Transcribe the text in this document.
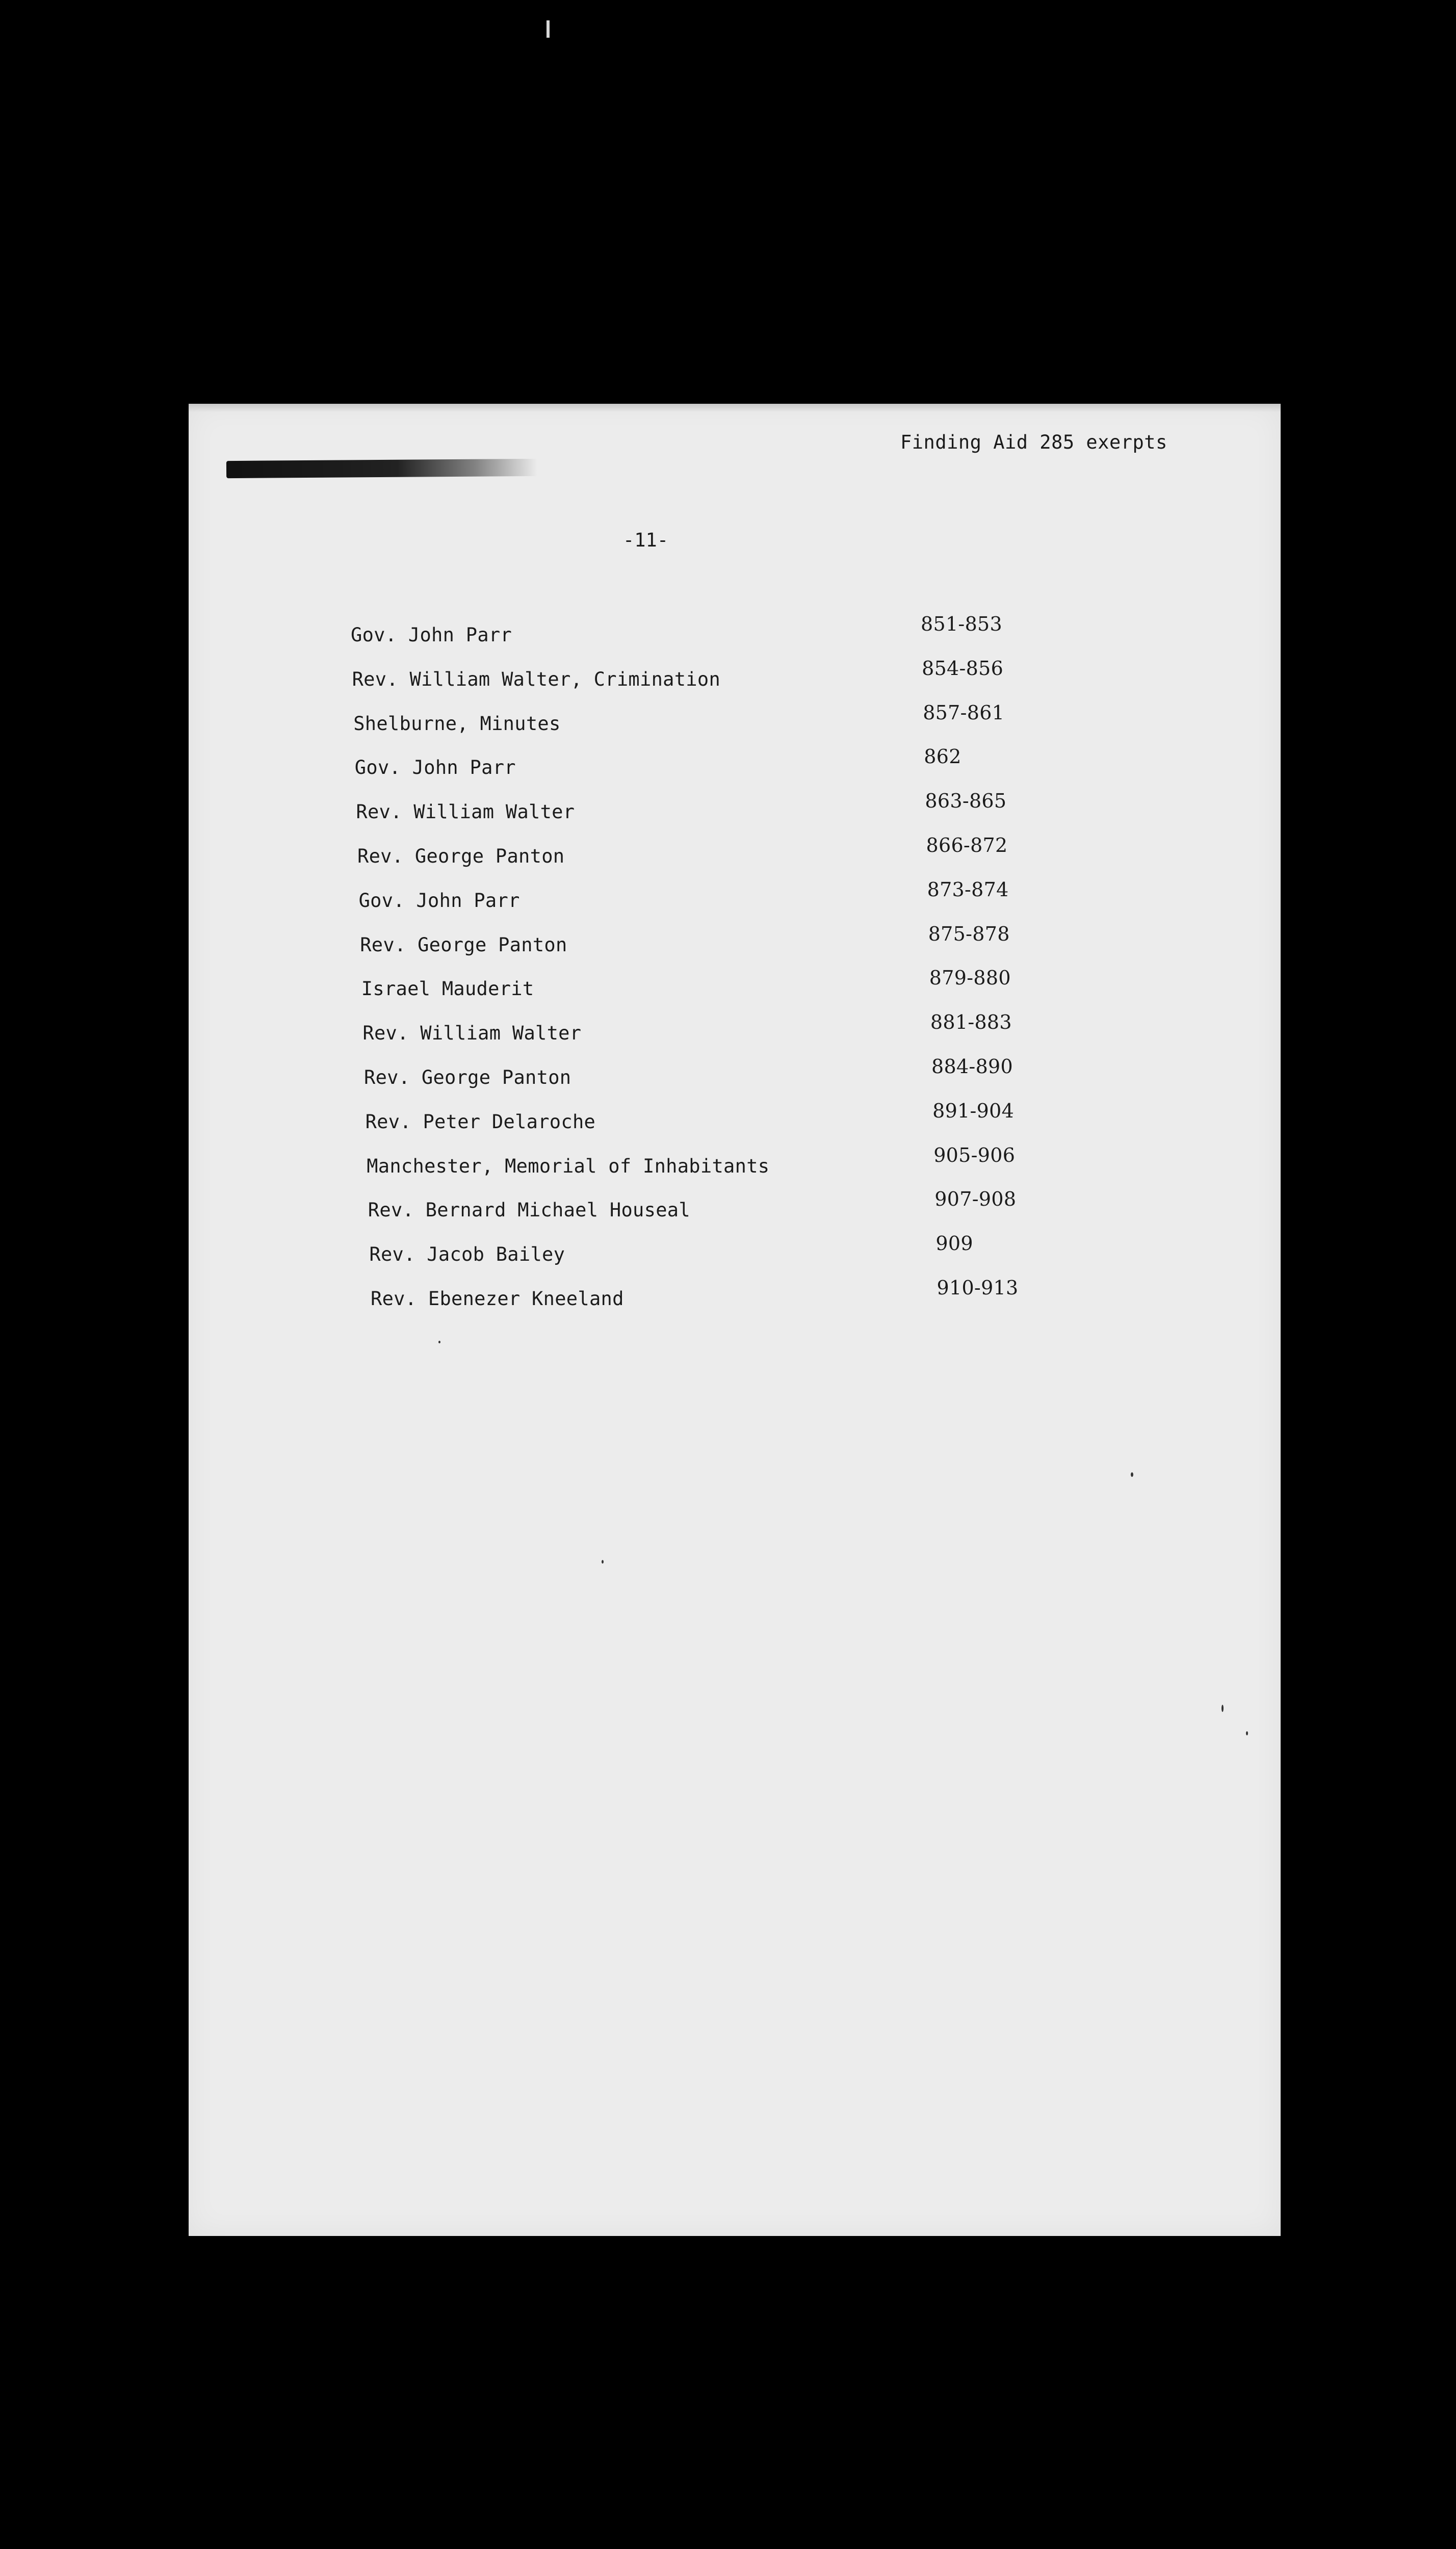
Finding Aid 285 exerpts
-11-
Gov. John Parr	851-853
Rev. William Walter, Crimination	854-856
Shelburne, Minutes	857-861
Gov. John Parr	862
Rev. William Walter	863-865
Rev. George Panton	866-872
Gov. John Parr	873-874
Rev. George Panton	875-878
Israel Mauderit	879-880
Rev. William Walter	881-883
Rev. George Panton	884-890
Rev. Peter Delaroche	891-904
Manchester, Memorial of Inhabitants	905-906
Rev. Bernard Michael Houseal	907-908
Rev. Jacob Bailey	909
Rev. Ebenezer Kneeland	910-913
